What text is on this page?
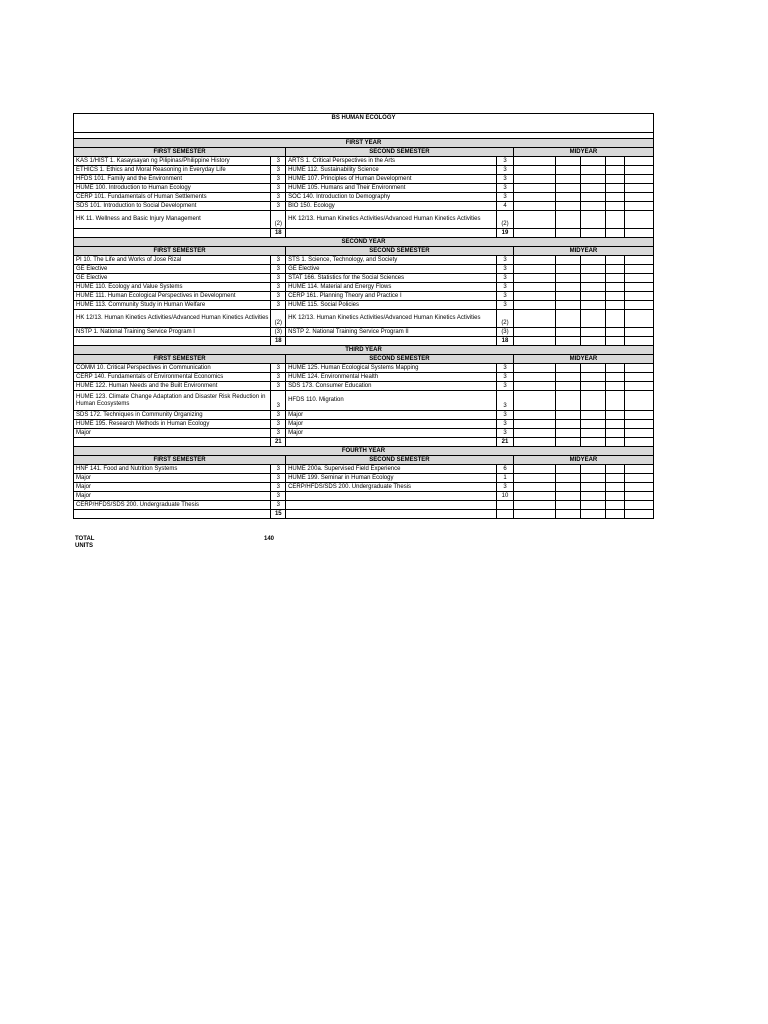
BS HUMAN ECOLOGY								

FIRST YEAR								
FIRST SEMESTER		SECOND SEMESTER		MIDYEAR				
KAS 1/HIST 1. Kasaysayan ng Pilipinas/Philippine History	3	ARTS 1. Critical Perspectives in the Arts	3					
ETHICS 1. Ethics and Moral Reasoning in Everyday Life	3	HUME 112. Sustainability Science	3					
HFDS 101. Family and the Environment	3	HUME 107. Principles of Human Development	3					
HUME 100. Introduction to Human Ecology	3	HUME 105. Humans and Their Environment	3					
CERP 101. Fundamentals of Human Settlements	3	SOC 140. Introduction to Demography	3					
SDS 101. Introduction to Social Development	3	BIO 150. Ecology	4					
HK 11. Wellness and Basic Injury Management	(2)	HK 12/13. Human Kinetics Activities/Advanced Human Kinetics Activities	(2)					
	18		19					
SECOND YEAR								
FIRST SEMESTER		SECOND SEMESTER		MIDYEAR				
PI 10. The Life and Works of Jose Rizal	3	STS 1. Science, Technology, and Society	3					
GE Elective	3	GE Elective	3					
GE Elective	3	STAT 166. Statistics for the Social Sciences	3					
HUME 110. Ecology and Value Systems	3	HUME 114. Material and Energy Flows	3					
HUME 111. Human Ecological Perspectives in Development	3	CERP 161. Planning Theory and Practice I	3					
HUME 113. Community Study in Human Welfare	3	HUME 115. Social Policies	3					
HK 12/13. Human Kinetics Activities/Advanced Human Kinetics Activities	(2)	HK 12/13. Human Kinetics Activities/Advanced Human Kinetics Activities	(2)					
NSTP 1. National Training Service Program I	(3)	NSTP 2. National Training Service Program II	(3)					
	18		18					
THIRD YEAR								
FIRST SEMESTER		SECOND SEMESTER		MIDYEAR				
COMM 10. Critical Perspectives in Communication	3	HUME 125. Human Ecological Systems Mapping	3					
CERP 140. Fundamentals of Environmental Economics	3	HUME 124. Environmental Health	3					
HUME 122. Human Needs and the Built Environment	3	SDS 173. Consumer Education	3					
HUME 123. Climate Change Adaptation and Disaster Risk Reduction in Human Ecosystems	3	HFDS 110. Migration	3					
SDS 172. Techniques in Community Organizing	3	Major	3					
HUME 195. Research Methods in Human Ecology	3	Major	3					
Major	3	Major	3					
	21		21					
FOURTH YEAR								
FIRST SEMESTER		SECOND SEMESTER		MIDYEAR				
HNF 141. Food and Nutrition Systems	3	HUME 200a. Supervised Field Experience	6					
Major	3	HUME 199. Seminar in Human Ecology	1					
Major	3	CERP/HFDS/SDS 200. Undergraduate Thesis	3					
Major	3		10					
CERP/HFDS/SDS 200. Undergraduate Thesis	3							
	15							
TOTAL UNITS
140
